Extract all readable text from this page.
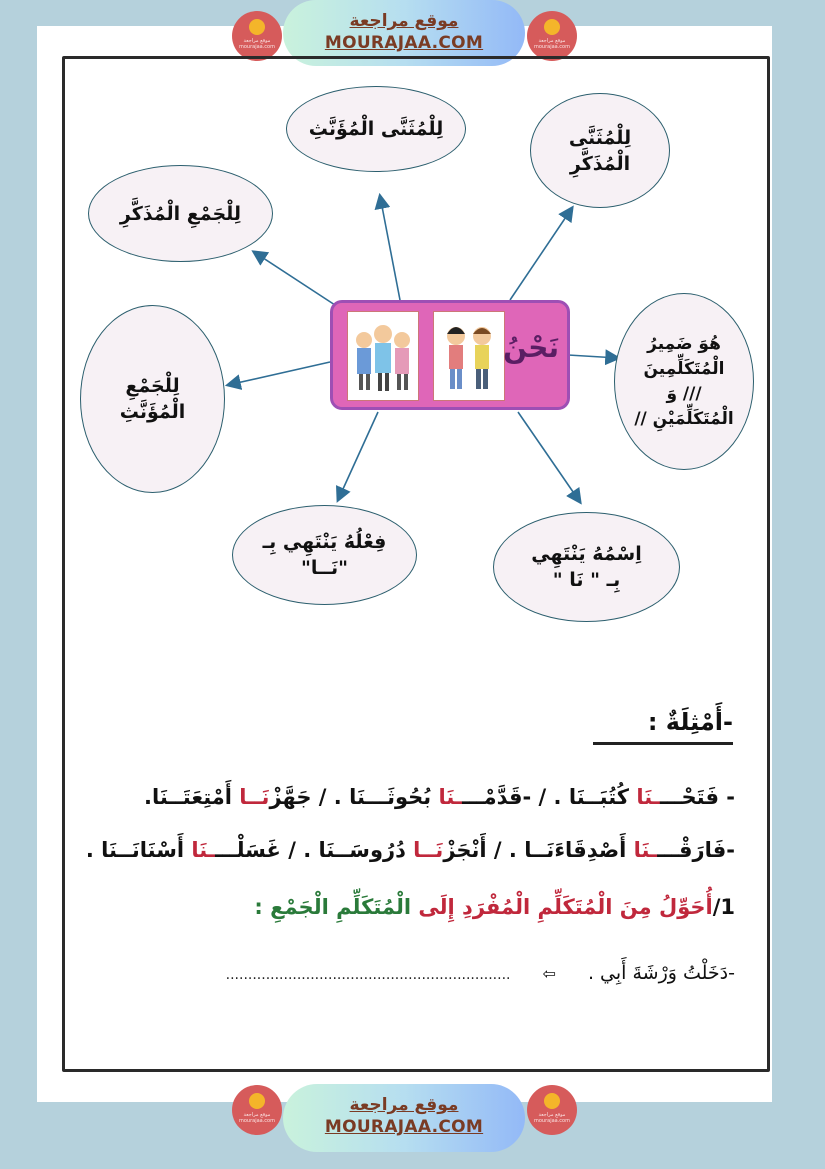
موقع مراجعة mourajaa.com
موقع مراجعة
MOURAJAA.COM	موقع مراجعة mourajaa.com
لِلْمُثَنَّى الْمُؤَنَّثِ	لِلْمُثَنَّى الْمُذَكَّرِ
لِلْجَمْعِ الْمُذَكَّرِ
لِلْجَمْعِ الْمُؤَنَّثِ
هُوَ ضَمِيرُ
الْمُتَكَلِّمِينَ
/// وَ
الْمُتَكَلِّمَيْنِ //
فِعْلُهُ يَنْتَهِي بِـ
"نَــا"
اِسْمُهُ يَنْتَهِي
بِـ " نَا "
نَحْنُ
-أَمْثِلَةٌ :
- فَتَحْــــنَا كُتُبَــنَا . / -قَدَّمْــــنَا بُحُوثَـــنَا . / جَهَّزْنَــا أَمْتِعَتَــنَا.
-فَارَقْــــنَا أَصْدِقَاءَنَــا . / أَنْجَزْنَــا دُرُوسَــنَا . / غَسَلْــــنَا أَسْنَانَــنَا .
1/أُحَوِّلُ مِنَ الْمُتَكَلِّمِ الْمُفْرَدِ إِلَى الْمُتَكَلِّمِ الْجَمْعِ :
-دَخَلْتُ وَرْشَةَ أَبِي . ⇦ ................................................................
موقع مراجعة mourajaa.com
موقع مراجعة
MOURAJAA.COM
موقع مراجعة mourajaa.com
